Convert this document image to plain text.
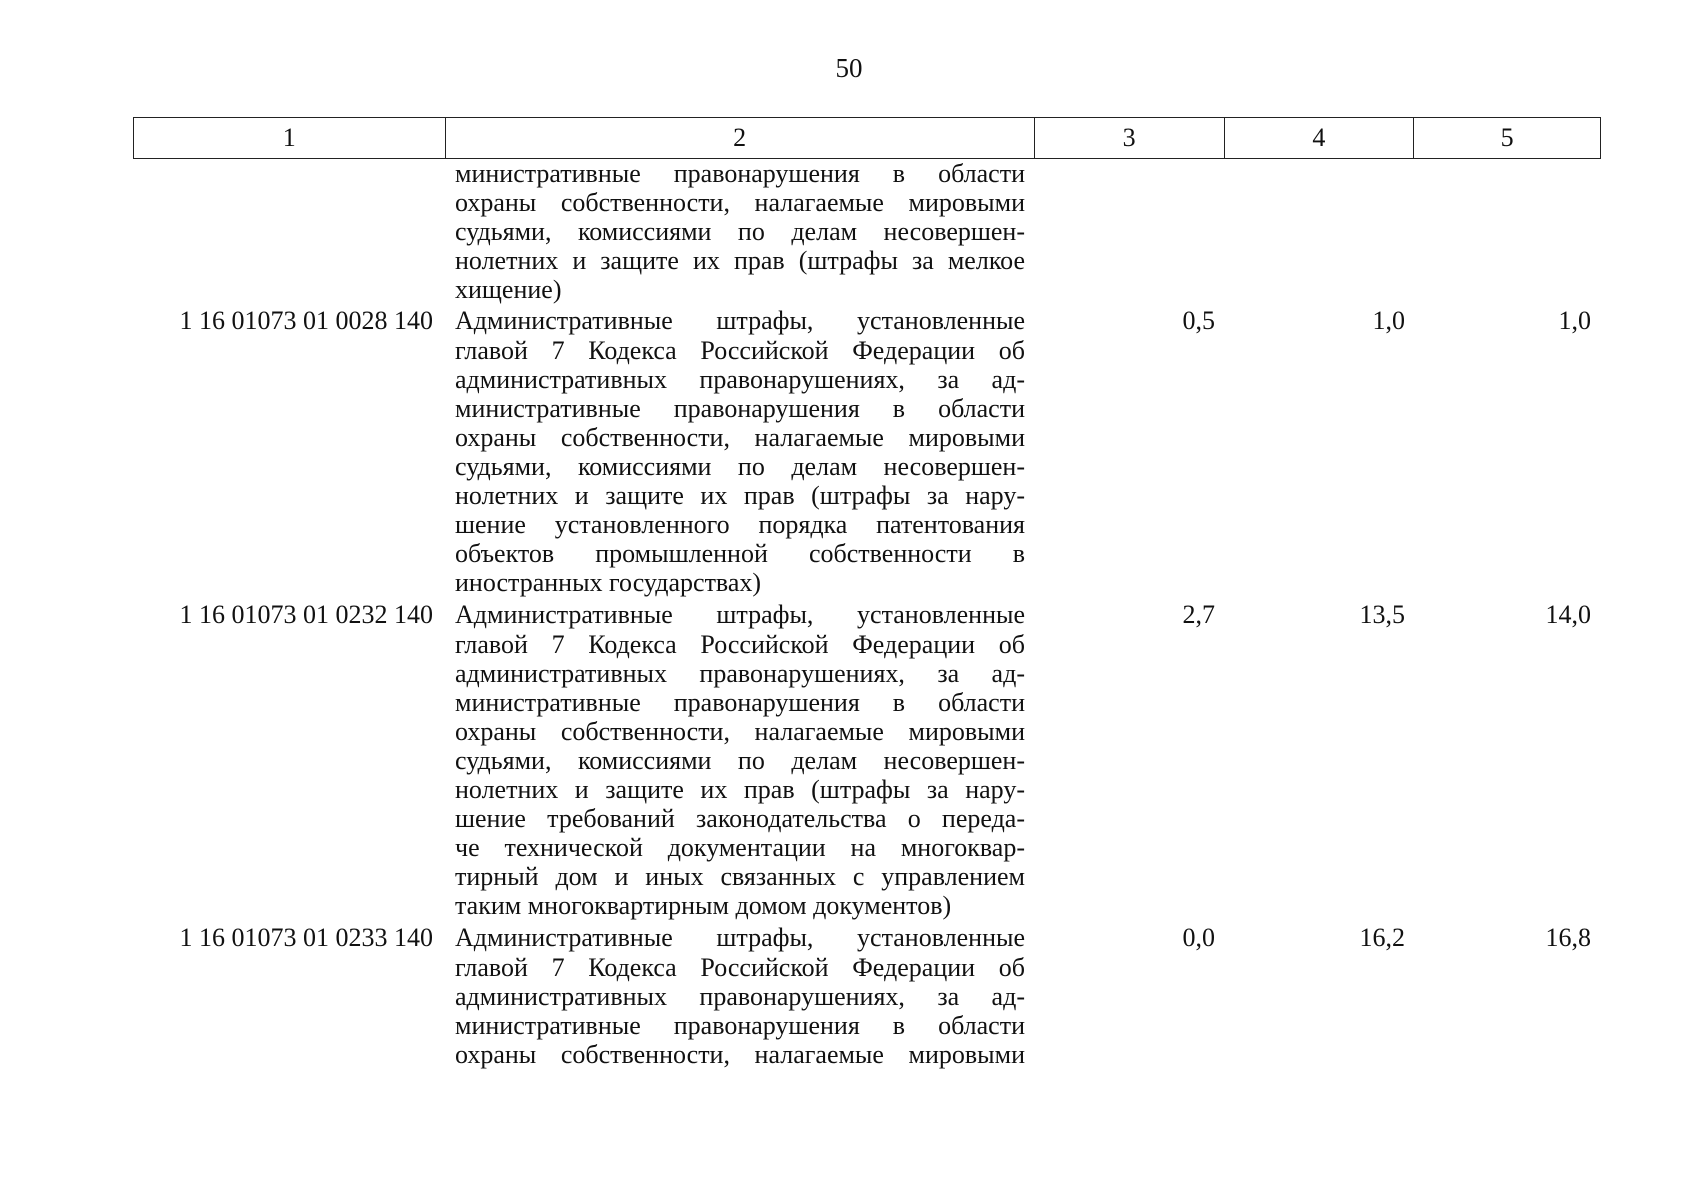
50
1	2	3	4	5
министративные правонарушения в области
охраны собственности, налагаемые мировыми
судьями, комиссиями по делам несовершен-
нолетних и защите их прав (штрафы за мелкое
хищение)
1 16 01073 01 0028 140 Административные штрафы, установленные
главой 7 Кодекса Российской Федерации об
административных правонарушениях, за ад-
министративные правонарушения в области
охраны собственности, налагаемые мировыми
судьями, комиссиями по делам несовершен-
нолетних и защите их прав (штрафы за нару-
шение установленного порядка патентования
объектов промышленной собственности в
иностранных государствах)
0,5	1,0	1,0
1 16 01073 01 0232 140 Административные штрафы, установленные
главой 7 Кодекса Российской Федерации об
административных правонарушениях, за ад-
министративные правонарушения в области
охраны собственности, налагаемые мировыми
судьями, комиссиями по делам несовершен-
нолетних и защите их прав (штрафы за нару-
шение требований законодательства о переда-
че технической документации на многоквар-
тирный дом и иных связанных с управлением
таким многоквартирным домом документов)
2,7	13,5	14,0
1 16 01073 01 0233 140 Административные штрафы, установленные
главой 7 Кодекса Российской Федерации об
административных правонарушениях, за ад-
министративные правонарушения в области
охраны собственности, налагаемые мировыми
0,0	16,2	16,8
